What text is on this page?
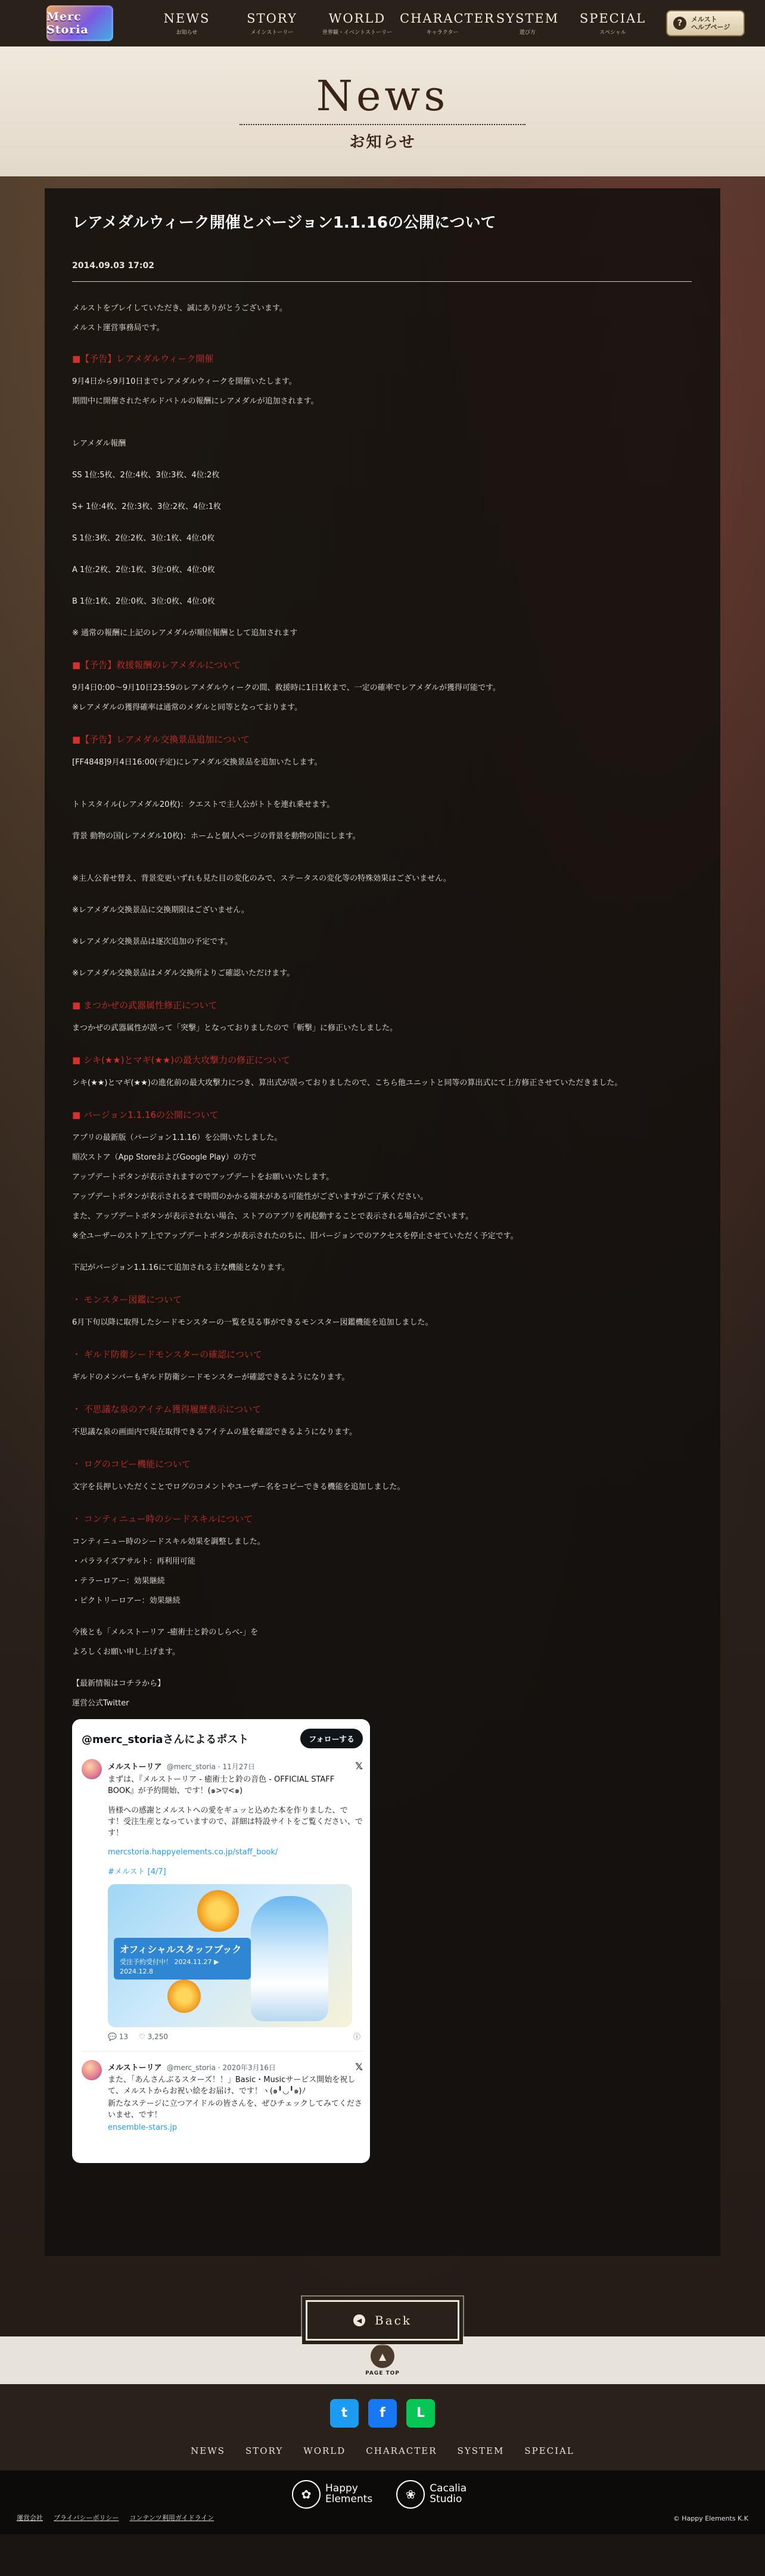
Merc Storia
NEWS
お知らせ
STORY
メインストーリー
WORLD
世界観・イベントストーリー
CHARACTER
キャラクター
SYSTEM
遊び方
SPECIAL
スペシャル
?	メルスト
ヘルプページ
News
お知らせ
レアメダルウィーク開催とバージョン1.1.16の公開について
2014.09.03 17:02

メルストをプレイしていただき、誠にありがとうございます。

メルスト運営事務局です。

■【予告】レアメダルウィーク開催

9月4日から9月10日までレアメダルウィークを開催いたします。

期間中に開催されたギルドバトルの報酬にレアメダルが追加されます。

レアメダル報酬

SS 1位:5枚、2位:4枚、3位:3枚、4位:2枚

S+ 1位:4枚、2位:3枚、3位:2枚、4位:1枚

S 1位:3枚、2位:2枚、3位:1枚、4位:0枚

A 1位:2枚、2位:1枚、3位:0枚、4位:0枚

B 1位:1枚、2位:0枚、3位:0枚、4位:0枚

※ 通常の報酬に上記のレアメダルが順位報酬として追加されます

■【予告】救援報酬のレアメダルについて

9月4日0:00〜9月10日23:59のレアメダルウィークの間、救援時に1日1枚まで、一定の確率でレアメダルが獲得可能です。

※レアメダルの獲得確率は通常のメダルと同等となっております。

■【予告】レアメダル交換景品追加について

[FF4848]9月4日16:00(予定)にレアメダル交換景品を追加いたします。

トトスタイル(レアメダル20枚)：クエストで主人公がトトを連れ乗せます。

背景 動物の国(レアメダル10枚)：ホームと個人ページの背景を動物の国にします。

※主人公着せ替え、背景変更いずれも見た目の変化のみで、ステータスの変化等の特殊効果はございません。

※レアメダル交換景品に交換期限はございません。

※レアメダル交換景品は逐次追加の予定です。

※レアメダル交換景品はメダル交換所よりご確認いただけます。

■ まつかぜの武器属性修正について

まつかぜの武器属性が誤って「突撃」となっておりましたので「斬撃」に修正いたしました。

■ シキ(★★)とマギ(★★)の最大攻撃力の修正について

シキ(★★)とマギ(★★)の進化前の最大攻撃力につき、算出式が誤っておりましたので、こちら他ユニットと同等の算出式にて上方修正させていただきました。

■ バージョン1.1.16の公開について

アプリの最新版（バージョン1.1.16）を公開いたしました。

順次ストア（App StoreおよびGoogle Play）の方で

アップデートボタンが表示されますのでアップデートをお願いいたします。

アップデートボタンが表示されるまで時間のかかる端末がある可能性がございますがご了承ください。

また、アップデートボタンが表示されない場合、ストアのアプリを再起動することで表示される場合がございます。

※全ユーザーのストア上でアップデートボタンが表示されたのちに、旧バージョンでのアクセスを停止させていただく予定です。

下記がバージョン1.1.16にて追加される主な機能となります。

・ モンスター図鑑について

6月下旬以降に取得したシードモンスターの一覧を見る事ができるモンスター図鑑機能を追加しました。

・ ギルド防衛シードモンスターの確認について

ギルドのメンバーもギルド防衛シードモンスターが確認できるようになります。

・ 不思議な泉のアイテム獲得履歴表示について

不思議な泉の画面内で現在取得できるアイテムの量を確認できるようになります。

・ ログのコピー機能について

文字を長押しいただくことでログのコメントやユーザー名をコピーできる機能を追加しました。

・ コンティニュー時のシードスキルについて

コンティニュー時のシードスキル効果を調整しました。

・パラライズアサルト：再利用可能

・テラーロアー：効果継続

・ピクトリーロアー：効果継続

今後とも「メルストーリア -癒術士と鈴のしらべ-」を

よろしくお願い申し上げます。

【最新情報はコチラから】

運営公式Twitter

@merc_storiaさんによるポスト	フォローする
メルストーリア @merc_storia · 11月27日	𝕏
まずは、『メルストーリア - 癒術士と鈴の音色 - OFFICIAL STAFF BOOK』が予約開始、です！(๑>▽<๑)
皆様への感謝とメルストへの愛をギュッと込めた本を作りました、です！受注生産となっていますので、詳細は特設サイトをご覧ください、です！
mercstoria.happyelements.co.jp/staff_book/
#メルスト [4/7]
オフィシャルスタッフブック
受注予約受付中！ 2024.11.27 ▶ 2024.12.8
💬 13 ♡ 3,250	ⓘ
メルストーリア @merc_storia · 2020年3月16日	𝕏
また、「あんさんぶるスターズ！！」Basic・Musicサービス開始を祝して、メルストからお祝い絵をお届け、です！ヽ(๑╹◡╹๑)ﾉ
新たなステージに立つアイドルの皆さんを、ぜひチェックしてみてくださいませ、です！
ensemble-stars.jp
◀ Back
▲
PAGE TOP
t	f	L
NEWS STORY WORLD CHARACTER SYSTEM SPECIAL
✿	Happy
Elements	❀	Cacalia
Studio
運営会社 プライバシーポリシー コンテンツ利用ガイドライン	© Happy Elements K.K
